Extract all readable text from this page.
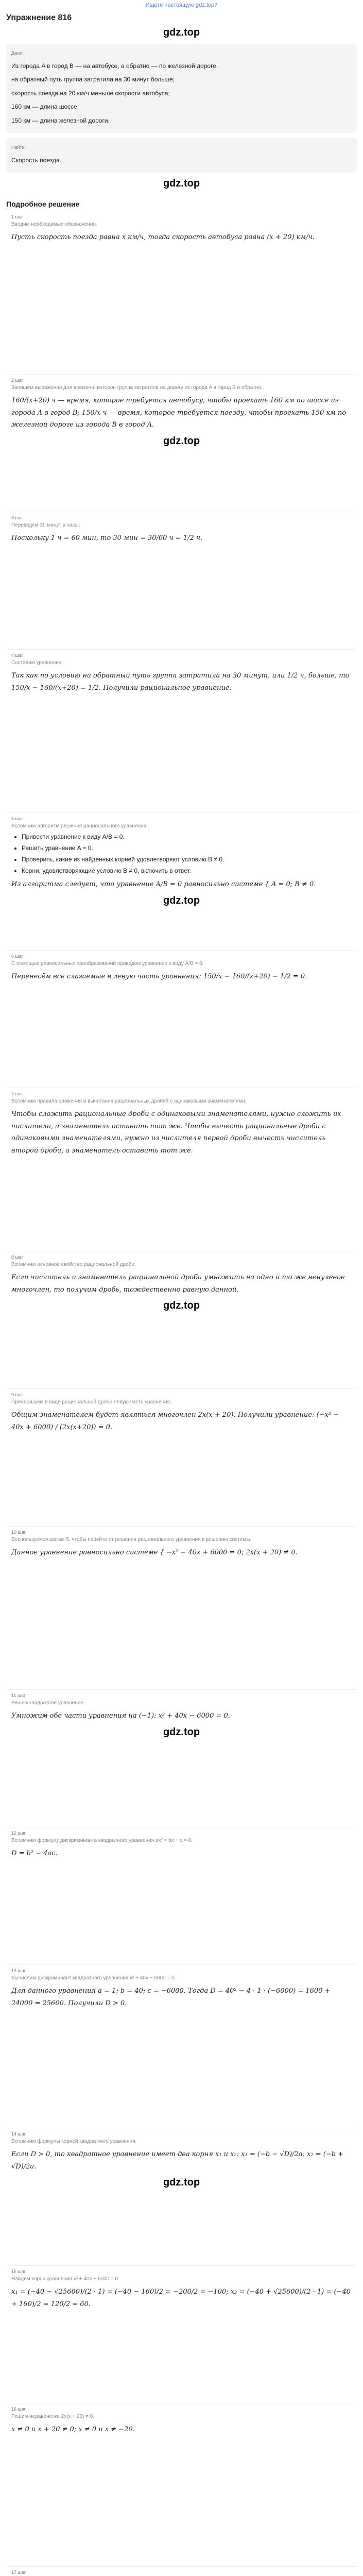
Ищете настоящую gdz.top?
Упражнение 816
gdz.top
Дано:

Из города A в город B — на автобусе, а обратно — по железной дороге.

на обратный путь группа затратила на 30 минут больше;

скорость поезда на 20 км/ч меньше скорости автобуса;

160 км — длина шоссе;

150 км — длина железной дороги.

Найти:

Скорость поезда.

gdz.top
Подробное решение
1 шаг
Вводим необходимые обозначения.

Пусть скорость поезда равна x км/ч, тогда скорость автобуса равна (x + 20) км/ч.

2 шаг
Запишем выражения для времени, которое группа затратила на дорогу из города A в город B и обратно.

160/(x+20) ч — время, которое требуется автобусу, чтобы проехать 160 км по шоссе из города A в город B; 150/x ч — время, которое требуется поезду, чтобы проехать 150 км по железной дороге из города B в город A.

gdz.top
3 шаг
Переведем 30 минут в часы.

Поскольку 1 ч = 60 мин, то 30 мин = 30/60 ч = 1/2 ч.

4 шаг
Составим уравнение.

Так как по условию на обратный путь группа затратила на 30 минут, или 1/2 ч, больше, то 150/x − 160/(x+20) = 1/2. Получили рациональное уравнение.

5 шаг
Вспомним алгоритм решения рационального уравнения.
• Привести уравнение к виду A/B = 0.
• Решить уравнение A = 0.
• Проверить, какие из найденных корней удовлетворяют условию B ≠ 0.
• Корни, удовлетворяющие условию B ≠ 0, включить в ответ.

Из алгоритма следует, что уравнение A/B = 0 равносильно системе { A = 0; B ≠ 0.

gdz.top
6 шаг
С помощью равносильных преобразований приведем уравнение к виду A/B = 0.

Перенесём все слагаемые в левую часть уравнения: 150/x − 160/(x+20) − 1/2 = 0.

7 шаг
Вспомним правила сложения и вычитания рациональных дробей с одинаковыми знаменателями.

Чтобы сложить рациональные дроби с одинаковыми знаменателями, нужно сложить их числители, а знаменатель оставить тот же. Чтобы вычесть рациональные дроби с одинаковыми знаменателями, нужно из числителя первой дроби вычесть числитель второй дроби, а знаменатель оставить тот же.

8 шаг
Вспомним основное свойство рациональной дроби.

Если числитель и знаменатель рациональной дроби умножить на одно и то же ненулевое многочлен, то получим дробь, тождественно равную данной.

gdz.top
9 шаг
Преобразуем в виде рациональной дроби левую часть уравнения.

Общим знаменателем будет являться многочлен 2x(x + 20). Получили уравнение: (−x² − 40x + 6000) / (2x(x+20)) = 0.

10 шаг
Воспользуемся шагом 5, чтобы перейти от решения рационального уравнения к решению системы.

Данное уравнение равносильно системе { −x² − 40x + 6000 = 0; 2x(x + 20) ≠ 0.

11 шаг
Решим квадратное уравнение.

Умножим обе части уравнения на (−1): x² + 40x − 6000 = 0.

gdz.top
12 шаг
Вспомним формулу дискриминанта квадратного уравнения ax² + bx + c = 0.

D = b² − 4ac.

13 шаг
Вычислим дискриминант квадратного уравнения x² + 40x − 6000 = 0.

Для данного уравнения a = 1; b = 40; c = −6000. Тогда D = 40² − 4 · 1 · (−6000) = 1600 + 24000 = 25600. Получили D > 0.

14 шаг
Вспомним формулы корней квадратного уравнения.

Если D > 0, то квадратное уравнение имеет два корня x₁ и x₂: x₁ = (−b − √D)/2a; x₂ = (−b + √D)/2a.

gdz.top
15 шаг
Найдем корни уравнения x² + 40x − 6000 = 0.

x₁ = (−40 − √25600)/(2 · 1) = (−40 − 160)/2 = −200/2 = −100; x₂ = (−40 + √25600)/(2 · 1) = (−40 + 160)/2 = 120/2 = 60.

16 шаг
Решим неравенство 2x(x + 20) ≠ 0.

x ≠ 0 и x + 20 ≠ 0; x ≠ 0 и x ≠ −20.

17 шаг
